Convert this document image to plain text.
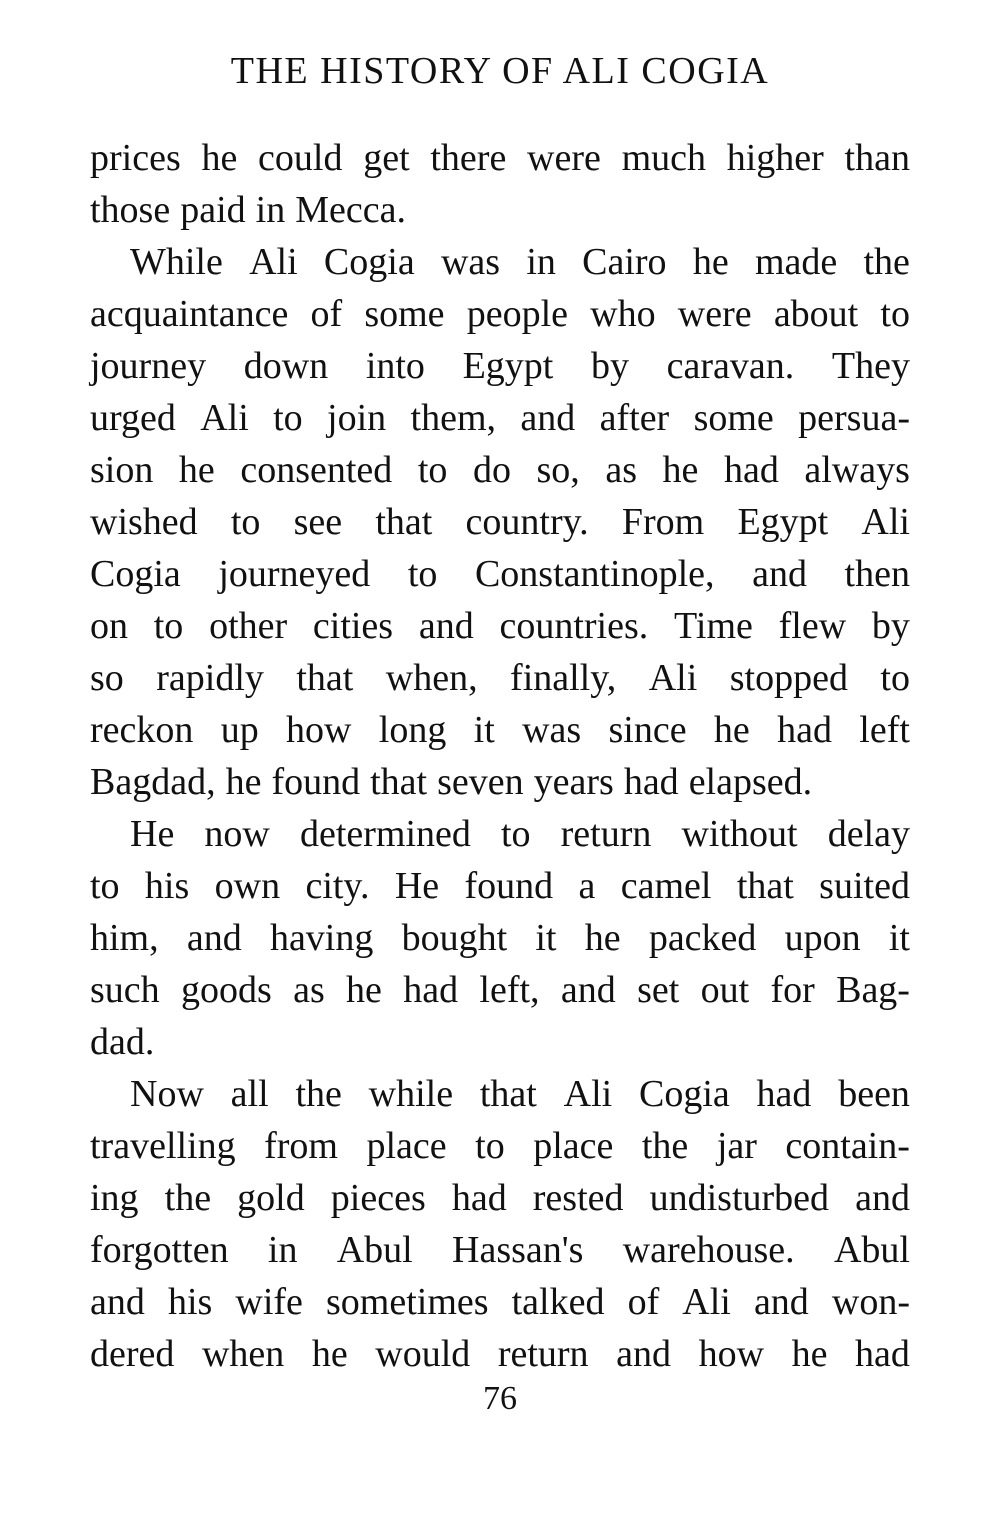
THE HISTORY OF ALI COGIA
prices he could get there were much higher than
those paid in Mecca.
While Ali Cogia was in Cairo he made the
acquaintance of some people who were about to
journey down into Egypt by caravan. They
urged Ali to join them, and after some persua-
sion he consented to do so, as he had always
wished to see that country. From Egypt Ali
Cogia journeyed to Constantinople, and then
on to other cities and countries. Time flew by
so rapidly that when, finally, Ali stopped to
reckon up how long it was since he had left
Bagdad, he found that seven years had elapsed.
He now determined to return without delay
to his own city. He found a camel that suited
him, and having bought it he packed upon it
such goods as he had left, and set out for Bag-
dad.
Now all the while that Ali Cogia had been
travelling from place to place the jar contain-
ing the gold pieces had rested undisturbed and
forgotten in Abul Hassan's warehouse. Abul
and his wife sometimes talked of Ali and won-
dered when he would return and how he had
76
